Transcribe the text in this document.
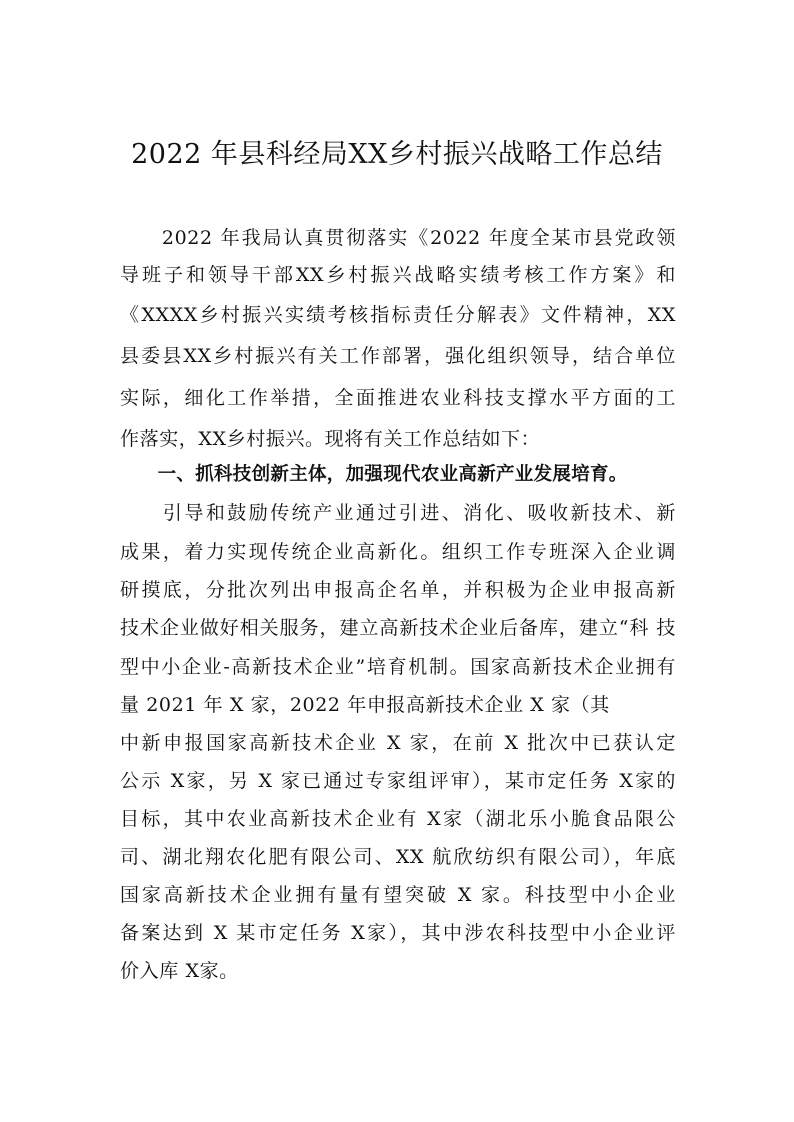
2022 年县科经局XX乡村振兴战略工作总结
　　2022 年我局认真贯彻落实《2022 年度全某市县党政领
导班子和领导干部XX乡村振兴战略实绩考核工作方案》和
《XXXX乡村振兴实绩考核指标责任分解表》文件精神，XX
县委县XX乡村振兴有关工作部署，强化组织领导，结合单位
实际，细化工作举措，全面推进农业科技支撑水平方面的工
作落实，XX乡村振兴。现将有关工作总结如下：
　　一、抓科技创新主体，加强现代农业高新产业发展培育。
　　引导和鼓励传统产业通过引进、消化、吸收新技术、新
成果，着力实现传统企业高新化。组织工作专班深入企业调
研摸底，分批次列出申报高企名单，并积极为企业申报高新
技术企业做好相关服务，建立高新技术企业后备库，建立“科 技
型中小企业-高新技术企业”培育机制。国家高新技术企业拥有
量 2021 年 X 家，2022 年申报高新技术企业 X 家（其
中新申报国家高新技术企业 X 家，在前 X 批次中已获认定
公示 X家，另 X 家已通过专家组评审），某市定任务 X家的
目标，其中农业高新技术企业有 X家（湖北乐小脆食品限公
司、湖北翔农化肥有限公司、XX 航欣纺织有限公司），年底
国家高新技术企业拥有量有望突破 X 家。科技型中小企业
备案达到 X 某市定任务 X家），其中涉农科技型中小企业评
价入库 X家。
